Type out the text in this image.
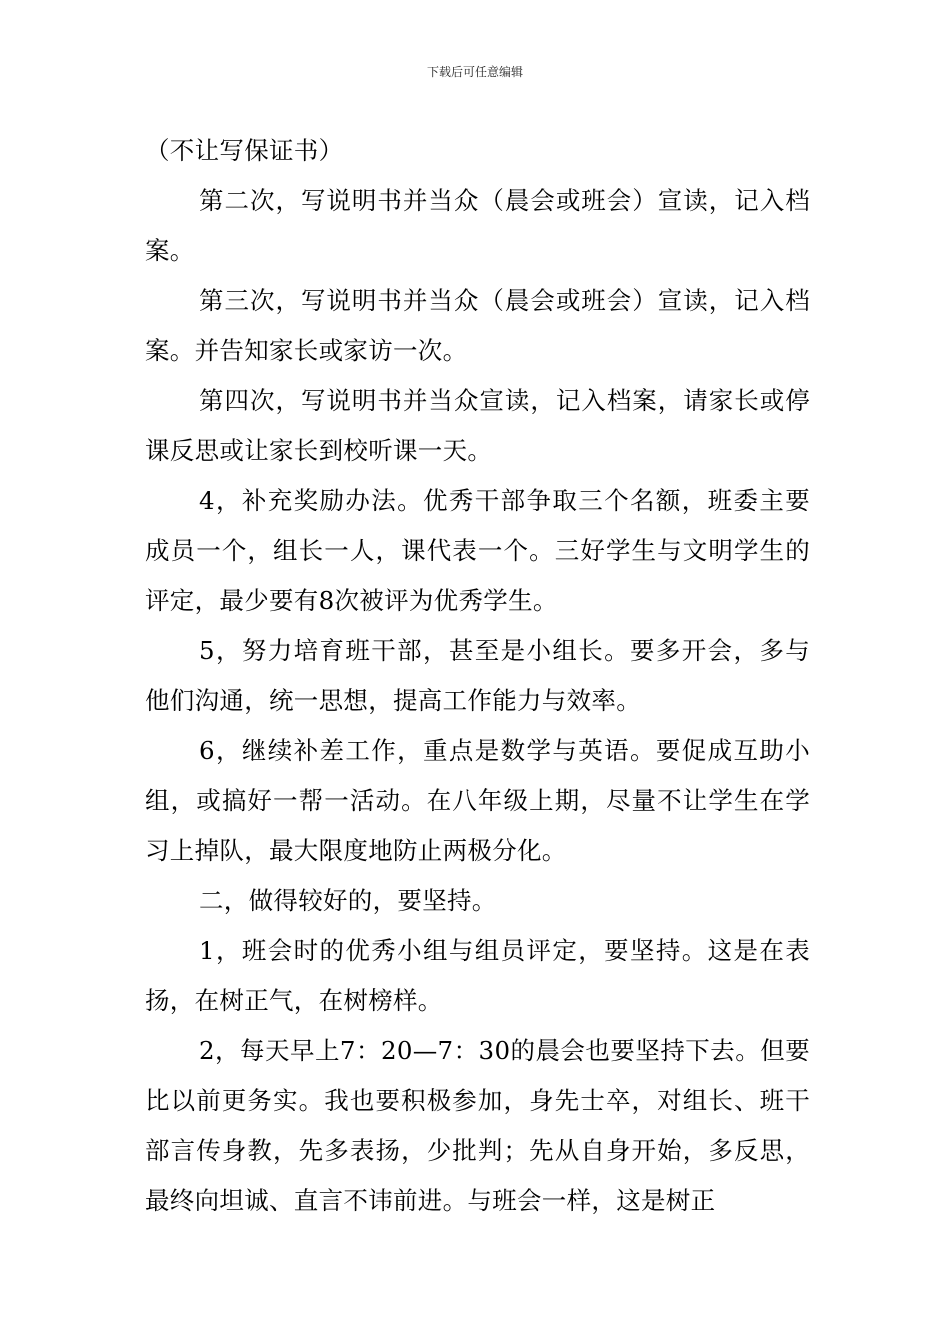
下载后可任意编辑

（不让写保证书）

第二次，写说明书并当众（晨会或班会）宣读，记入档案。

第三次，写说明书并当众（晨会或班会）宣读，记入档案。并告知家长或家访一次。

第四次，写说明书并当众宣读，记入档案，请家长或停课反思或让家长到校听课一天。

4，补充奖励办法。优秀干部争取三个名额，班委主要成员一个，组长一人，课代表一个。三好学生与文明学生的评定，最少要有8次被评为优秀学生。

5，努力培育班干部，甚至是小组长。要多开会，多与他们沟通，统一思想，提高工作能力与效率。

6，继续补差工作，重点是数学与英语。要促成互助小组，或搞好一帮一活动。在八年级上期，尽量不让学生在学习上掉队，最大限度地防止两极分化。

二，做得较好的，要坚持。

1，班会时的优秀小组与组员评定，要坚持。这是在表扬，在树正气，在树榜样。

2，每天早上7：20—7：30的晨会也要坚持下去。但要比以前更务实。我也要积极参加，身先士卒，对组长、班干部言传身教，先多表扬，少批判；先从自身开始，多反思，最终向坦诚、直言不讳前进。与班会一样，这是树正
